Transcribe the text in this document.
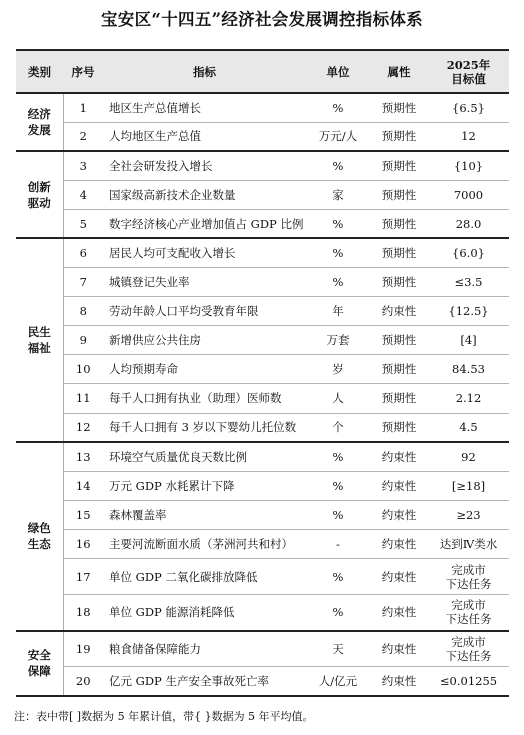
宝安区“十四五”经济社会发展调控指标体系
类别	序号	指标	单位	属性	2025年
目标值
经济
发展	1	地区生产总值增长	%	预期性	{6.5}
	2	人均地区生产总值	万元/人	预期性	12
创新
驱动	3	全社会研发投入增长	%	预期性	{10}
	4	国家级高新技术企业数量	家	预期性	7000
	5	数字经济核心产业增加值占 GDP 比例	%	预期性	28.0
民生
福祉	6	居民人均可支配收入增长	%	预期性	{6.0}
	7	城镇登记失业率	%	预期性	≤3.5
	8	劳动年龄人口平均受教育年限	年	约束性	{12.5}
	9	新增供应公共住房	万套	预期性	[4]
	10	人均预期寿命	岁	预期性	84.53
	11	每千人口拥有执业（助理）医师数	人	预期性	2.12
	12	每千人口拥有 3 岁以下婴幼儿托位数	个	预期性	4.5
绿色
生态	13	环境空气质量优良天数比例	%	约束性	92
	14	万元 GDP 水耗累计下降	%	约束性	[≥18]
	15	森林覆盖率	%	约束性	≥23
	16	主要河流断面水质（茅洲河共和村）	-	约束性	达到Ⅳ类水
	17	单位 GDP 二氧化碳排放降低	%	约束性	完成市
下达任务
	18	单位 GDP 能源消耗降低	%	约束性	完成市
下达任务
安全
保障	19	粮食储备保障能力	天	约束性	完成市
下达任务
	20	亿元 GDP 生产安全事故死亡率	人/亿元	约束性	≤0.01255
注：表中带[ ]数据为 5 年累计值，带{ }数据为 5 年平均值。
